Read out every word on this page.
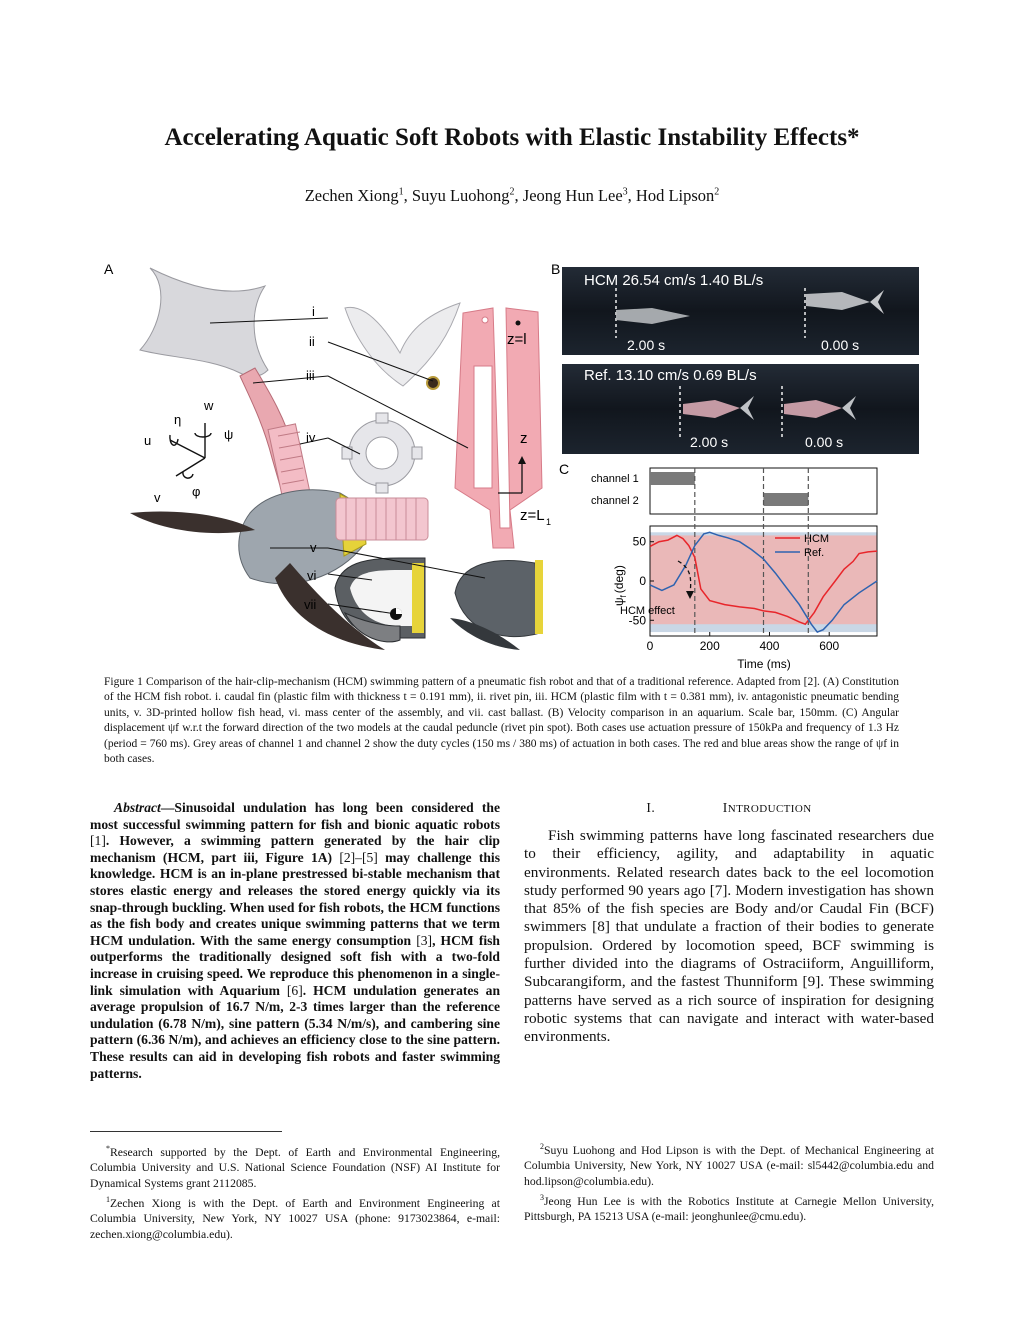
Accelerating Aquatic Soft Robots with Elastic Instability Effects*
Zechen Xiong$^1$, Suyu Luohong$^2$, Jeong Hun Lee$^3$, Hod Lipson$^2$
A
w
η
ψ
u
v φ
z=l
z
z=L 1
i
ii
iii
iv
v
vi
vii
B
HCM 26.54 cm/s 1.40 BL/s
2.00 s	0.00 s
Ref. 13.10 cm/s 0.69 BL/s
2.00 s	0.00 s
C
channel 1
channel 2
0	200	400	600
50
0
-50
HCM
Ref.
HCM effect
$\psi_f(deg)$
Time (ms)
Figure 1 Comparison of the hair-clip-mechanism (HCM) swimming pattern of a pneumatic fish robot and that of a traditional reference. Adapted from [2]. (A) Constitution of the HCM fish robot. i. caudal fin (plastic film with thickness t = 0.191 mm), ii. rivet pin, iii. HCM (plastic film with t = 0.381 mm), iv. antagonistic pneumatic bending units, v. 3D-printed hollow fish head, vi. mass center of the assembly, and vii. cast ballast. (B) Velocity comparison in an aquarium. Scale bar, 150mm. (C) Angular displacement ψf w.r.t the forward direction of the two models at the caudal peduncle (rivet pin spot). Both cases use actuation pressure of 150kPa and frequency of 1.3 Hz (period = 760 ms). Grey areas of channel 1 and channel 2 show the duty cycles (150 ms / 380 ms) of actuation in both cases. The red and blue areas show the range of ψf in both cases.
Abstract—Sinusoidal undulation has long been considered the most successful swimming pattern for fish and bionic aquatic robots [1]. However, a swimming pattern generated by the hair clip mechanism (HCM, part iii, Figure 1A) [2]–[5] may challenge this knowledge. HCM is an in-plane prestressed bi-stable mechanism that stores elastic energy and releases the stored energy quickly via its snap-through buckling. When used for fish robots, the HCM functions as the fish body and creates unique swimming patterns that we term HCM undulation. With the same energy consumption [3], HCM fish outperforms the traditionally designed soft fish with a two-fold increase in cruising speed. We reproduce this phenomenon in a single-link simulation with Aquarium [6]. HCM undulation generates an average propulsion of 16.7 N/m, 2-3 times larger than the reference undulation (6.78 N/m), sine pattern (5.34 N/m/s), and cambering sine pattern (6.36 N/m), and achieves an efficiency close to the sine pattern. These results can aid in developing fish robots and faster swimming patterns.
I.	INTRODUCTION
Fish swimming patterns have long fascinated researchers due to their efficiency, agility, and adaptability in aquatic environments. Related research dates back to the eel locomotion study performed 90 years ago [7]. Modern investigation has shown that 85% of the fish species are Body and/or Caudal Fin (BCF) swimmers [8] that undulate a fraction of their bodies to generate propulsion. Ordered by locomotion speed, BCF swimming is further divided into the diagrams of Ostraciiform, Anguilliform, Subcarangiform, and the fastest Thunniform [9]. These swimming patterns have served as a rich source of inspiration for designing robotic systems that can navigate and interact with water-based environments.

*Research supported by the Dept. of Earth and Environmental Engineering, Columbia University and U.S. National Science Foundation (NSF) AI Institute for Dynamical Systems grant 2112085.

$^1$Zechen Xiong is with the Dept. of Earth and Environment Engineering at Columbia University, New York, NY 10027 USA (phone: 9173023864, e-mail: zechen.xiong@columbia.edu).

$^2$Suyu Luohong and Hod Lipson is with the Dept. of Mechanical Engineering at Columbia University, New York, NY 10027 USA (e-mail: sl5442@columbia.edu and hod.lipson@columbia.edu).

$^3$Jeong Hun Lee is with the Robotics Institute at Carnegie Mellon University, Pittsburgh, PA 15213 USA (e-mail: jeonghunlee@cmu.edu).
